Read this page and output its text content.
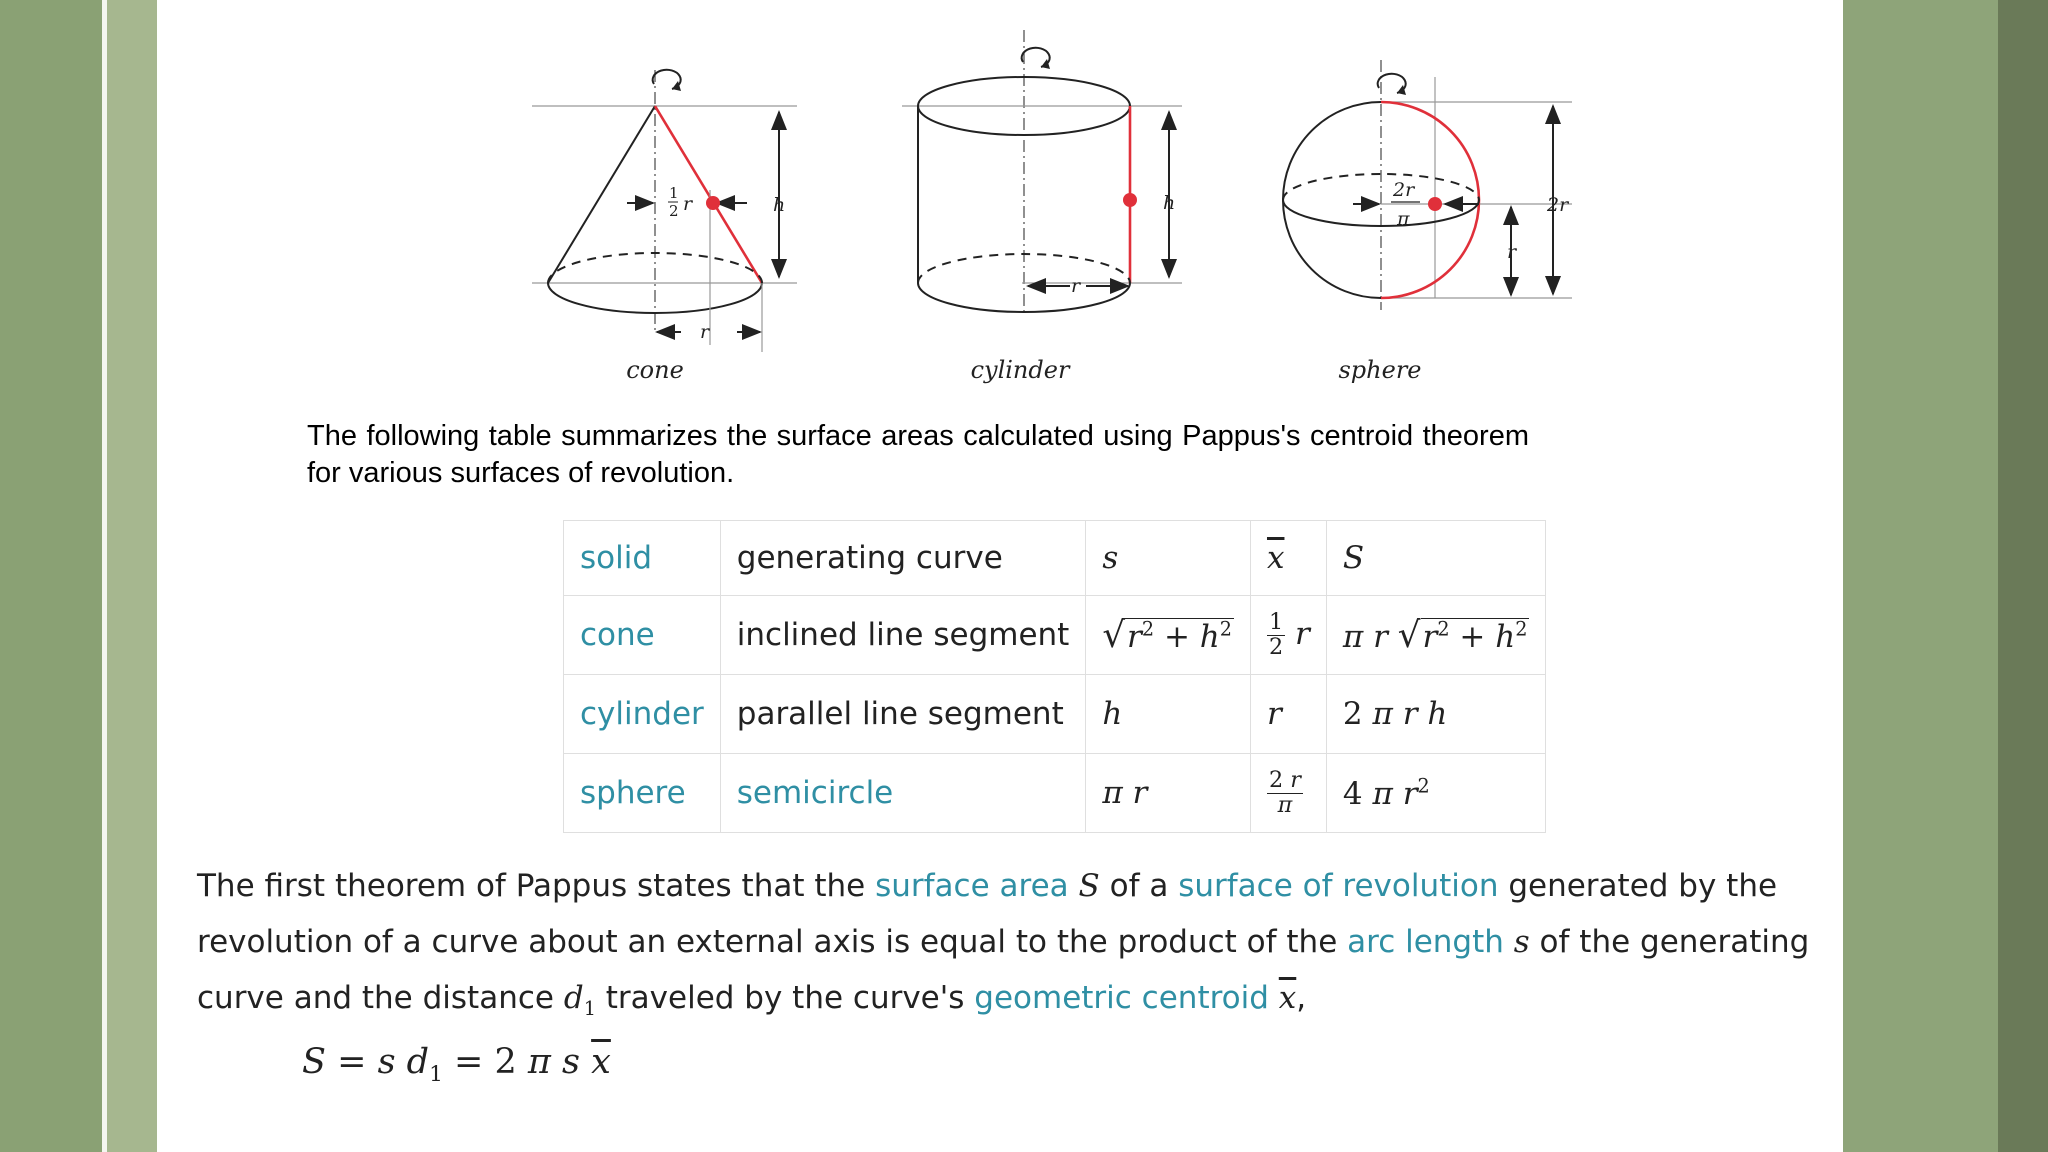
1
2 r	h
r
h
r
2r
π
r
2r
cone	cylinder	sphere

The following table summarizes the surface areas calculated using Pappus's centroid theorem for various surfaces of revolution.

solid	generating curve	s	$\overline{x}$	S
cone	inclined line segment	$√r^2 + h^2$	$\frac{1}{2}$ r	π r $√r^2 + h^2$
cylinder	parallel line segment	h	r	2 π r h
sphere	semicircle	π r	$\frac{2 r}{\pi}$	4 π $r^2$

The first theorem of Pappus states that the surface area S of a surface of revolution generated by the revolution of a curve about an external axis is equal to the product of the arc length s of the generating curve and the distance $d_1$ traveled by the curve's geometric centroid $\overline{x}$,

S = s $d_1 = 2$ π s $\overline{x}$
